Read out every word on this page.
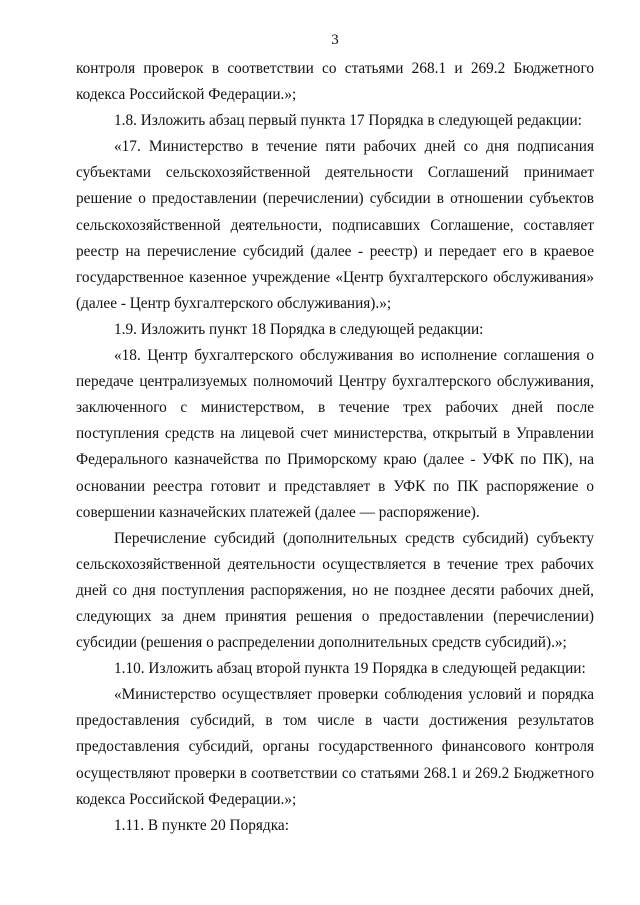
3

контроля проверок в соответствии со статьями 268.1 и 269.2 Бюджетного кодекса Российской Федерации.»;

1.8. Изложить абзац первый пункта 17 Порядка в следующей редакции:

«17. Министерство в течение пяти рабочих дней со дня подписания субъектами сельскохозяйственной деятельности Соглашений принимает решение о предоставлении (перечислении) субсидии в отношении субъектов сельскохозяйственной деятельности, подписавших Соглашение, составляет реестр на перечисление субсидий (далее - реестр) и передает его в краевое государственное казенное учреждение «Центр бухгалтерского обслуживания» (далее - Центр бухгалтерского обслуживания).»;

1.9. Изложить пункт 18 Порядка в следующей редакции:

«18. Центр бухгалтерского обслуживания во исполнение соглашения о передаче централизуемых полномочий Центру бухгалтерского обслуживания, заключенного с министерством, в течение трех рабочих дней после поступления средств на лицевой счет министерства, открытый в Управлении Федерального казначейства по Приморскому краю (далее - УФК по ПК), на основании реестра готовит и представляет в УФК по ПК распоряжение о совершении казначейских платежей (далее — распоряжение).

Перечисление субсидий (дополнительных средств субсидий) субъекту сельскохозяйственной деятельности осуществляется в течение трех рабочих дней со дня поступления распоряжения, но не позднее десяти рабочих дней, следующих за днем принятия решения о предоставлении (перечислении) субсидии (решения о распределении дополнительных средств субсидий).»;

1.10. Изложить абзац второй пункта 19 Порядка в следующей редакции:

«Министерство осуществляет проверки соблюдения условий и порядка предоставления субсидий, в том числе в части достижения результатов предоставления субсидий, органы государственного финансового контроля осуществляют проверки в соответствии со статьями 268.1 и 269.2 Бюджетного кодекса Российской Федерации.»;

1.11. В пункте 20 Порядка:
